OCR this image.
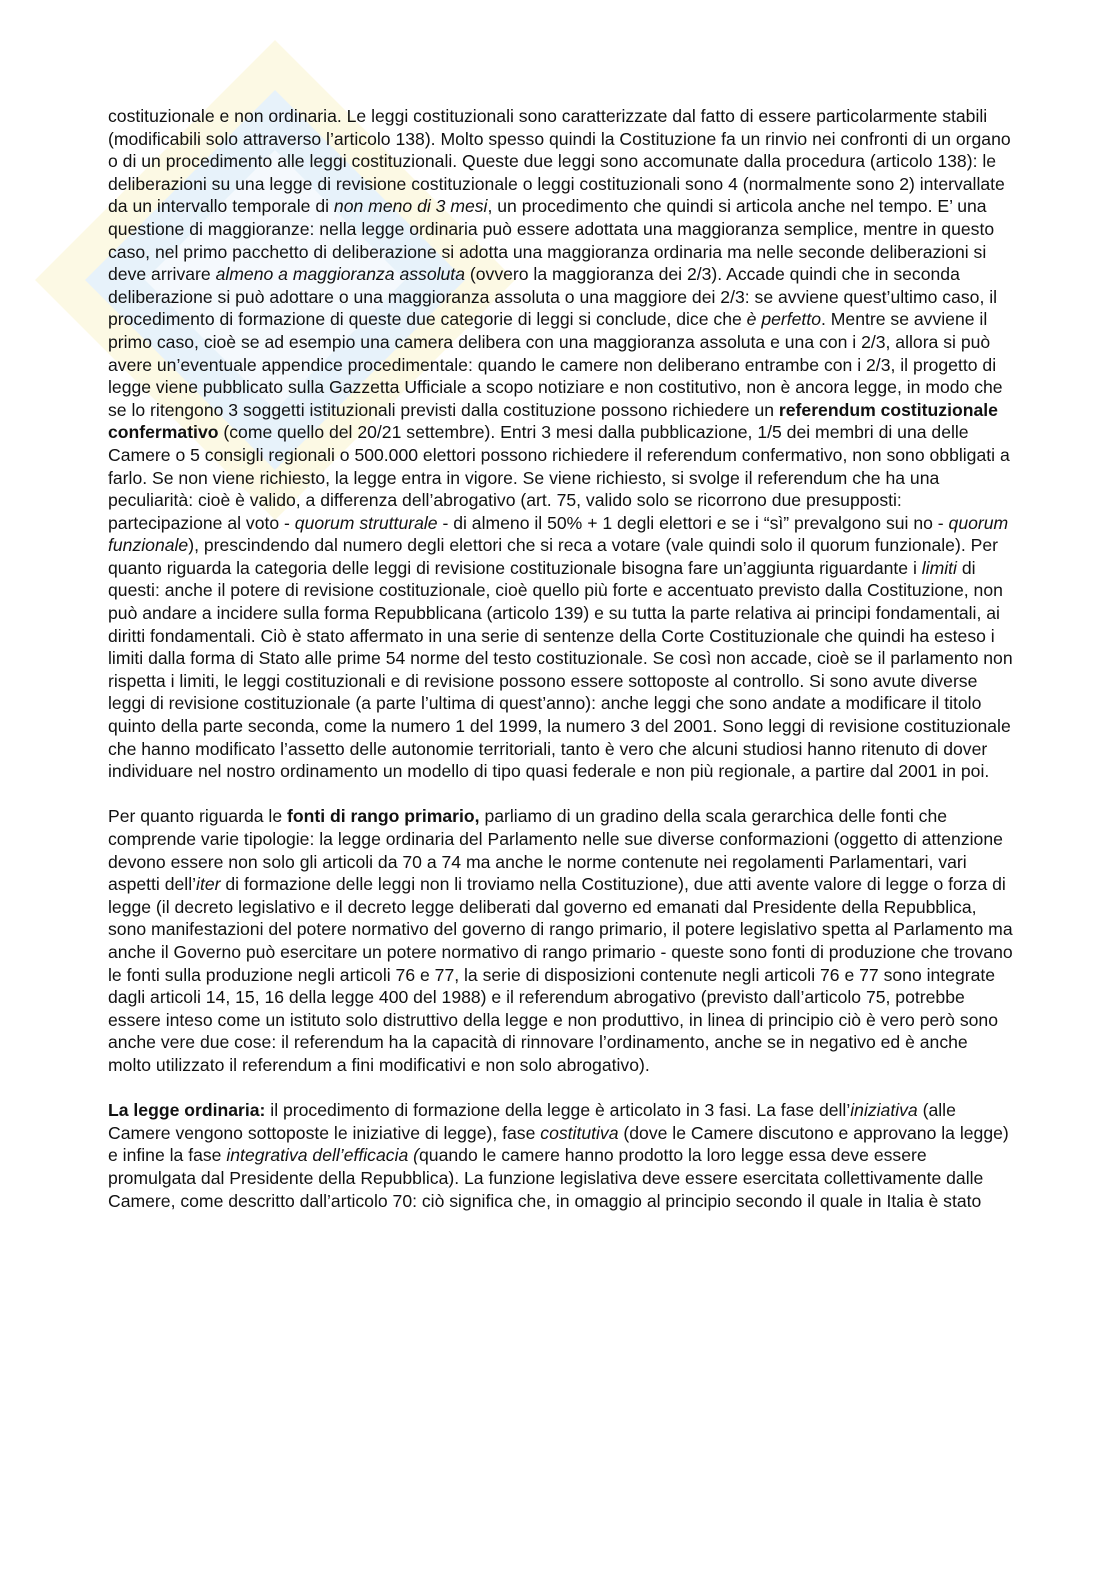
costituzionale e non ordinaria. Le leggi costituzionali sono caratterizzate dal fatto di essere particolarmente stabili (modificabili solo attraverso l’articolo 138). Molto spesso quindi la Costituzione fa un rinvio nei confronti di un organo o di un procedimento alle leggi costituzionali. Queste due leggi sono accomunate dalla procedura (articolo 138): le deliberazioni su una legge di revisione costituzionale o leggi costituzionali sono 4 (normalmente sono 2) intervallate da un intervallo temporale di non meno di 3 mesi, un procedimento che quindi si articola anche nel tempo. E’ una questione di maggioranze: nella legge ordinaria può essere adottata una maggioranza semplice, mentre in questo caso, nel primo pacchetto di deliberazione si adotta una maggioranza ordinaria ma nelle seconde deliberazioni si deve arrivare almeno a maggioranza assoluta (ovvero la maggioranza dei 2/3). Accade quindi che in seconda deliberazione si può adottare o una maggioranza assoluta o una maggiore dei 2/3: se avviene quest’ultimo caso, il procedimento di formazione di queste due categorie di leggi si conclude, dice che è perfetto. Mentre se avviene il primo caso, cioè se ad esempio una camera delibera con una maggioranza assoluta e una con i 2/3, allora si può avere un’eventuale appendice procedimentale: quando le camere non deliberano entrambe con i 2/3, il progetto di legge viene pubblicato sulla Gazzetta Ufficiale a scopo notiziare e non costitutivo, non è ancora legge, in modo che se lo ritengono 3 soggetti istituzionali previsti dalla costituzione possono richiedere un referendum costituzionale confermativo (come quello del 20/21 settembre). Entri 3 mesi dalla pubblicazione, 1/5 dei membri di una delle Camere o 5 consigli regionali o 500.000 elettori possono richiedere il referendum confermativo, non sono obbligati a farlo. Se non viene richiesto, la legge entra in vigore. Se viene richiesto, si svolge il referendum che ha una peculiarità: cioè è valido, a differenza dell’abrogativo (art. 75, valido solo se ricorrono due presupposti: partecipazione al voto - quorum strutturale - di almeno il 50% + 1 degli elettori e se i “sì” prevalgono sui no - quorum funzionale), prescindendo dal numero degli elettori che si reca a votare (vale quindi solo il quorum funzionale). Per quanto riguarda la categoria delle leggi di revisione costituzionale bisogna fare un’aggiunta riguardante i limiti di questi: anche il potere di revisione costituzionale, cioè quello più forte e accentuato previsto dalla Costituzione, non può andare a incidere sulla forma Repubblicana (articolo 139) e su tutta la parte relativa ai principi fondamentali, ai diritti fondamentali. Ciò è stato affermato in una serie di sentenze della Corte Costituzionale che quindi ha esteso i limiti dalla forma di Stato alle prime 54 norme del testo costituzionale. Se così non accade, cioè se il parlamento non rispetta i limiti, le leggi costituzionali e di revisione possono essere sottoposte al controllo. Si sono avute diverse leggi di revisione costituzionale (a parte l’ultima di quest’anno): anche leggi che sono andate a modificare il titolo quinto della parte seconda, come la numero 1 del 1999, la numero 3 del 2001. Sono leggi di revisione costituzionale che hanno modificato l’assetto delle autonomie territoriali, tanto è vero che alcuni studiosi hanno ritenuto di dover individuare nel nostro ordinamento un modello di tipo quasi federale e non più regionale, a partire dal 2001 in poi.

Per quanto riguarda le fonti di rango primario, parliamo di un gradino della scala gerarchica delle fonti che comprende varie tipologie: la legge ordinaria del Parlamento nelle sue diverse conformazioni (oggetto di attenzione devono essere non solo gli articoli da 70 a 74 ma anche le norme contenute nei regolamenti Parlamentari, vari aspetti dell’iter di formazione delle leggi non li troviamo nella Costituzione), due atti avente valore di legge o forza di legge (il decreto legislativo e il decreto legge deliberati dal governo ed emanati dal Presidente della Repubblica, sono manifestazioni del potere normativo del governo di rango primario, il potere legislativo spetta al Parlamento ma anche il Governo può esercitare un potere normativo di rango primario - queste sono fonti di produzione che trovano le fonti sulla produzione negli articoli 76 e 77, la serie di disposizioni contenute negli articoli 76 e 77 sono integrate dagli articoli 14, 15, 16 della legge 400 del 1988) e il referendum abrogativo (previsto dall’articolo 75, potrebbe essere inteso come un istituto solo distruttivo della legge e non produttivo, in linea di principio ciò è vero però sono anche vere due cose: il referendum ha la capacità di rinnovare l’ordinamento, anche se in negativo ed è anche molto utilizzato il referendum a fini modificativi e non solo abrogativo).

La legge ordinaria: il procedimento di formazione della legge è articolato in 3 fasi. La fase dell’iniziativa (alle Camere vengono sottoposte le iniziative di legge), fase costitutiva (dove le Camere discutono e approvano la legge) e infine la fase integrativa dell’efficacia (quando le camere hanno prodotto la loro legge essa deve essere promulgata dal Presidente della Repubblica). La funzione legislativa deve essere esercitata collettivamente dalle Camere, come descritto dall’articolo 70: ciò significa che, in omaggio al principio secondo il quale in Italia è stato
